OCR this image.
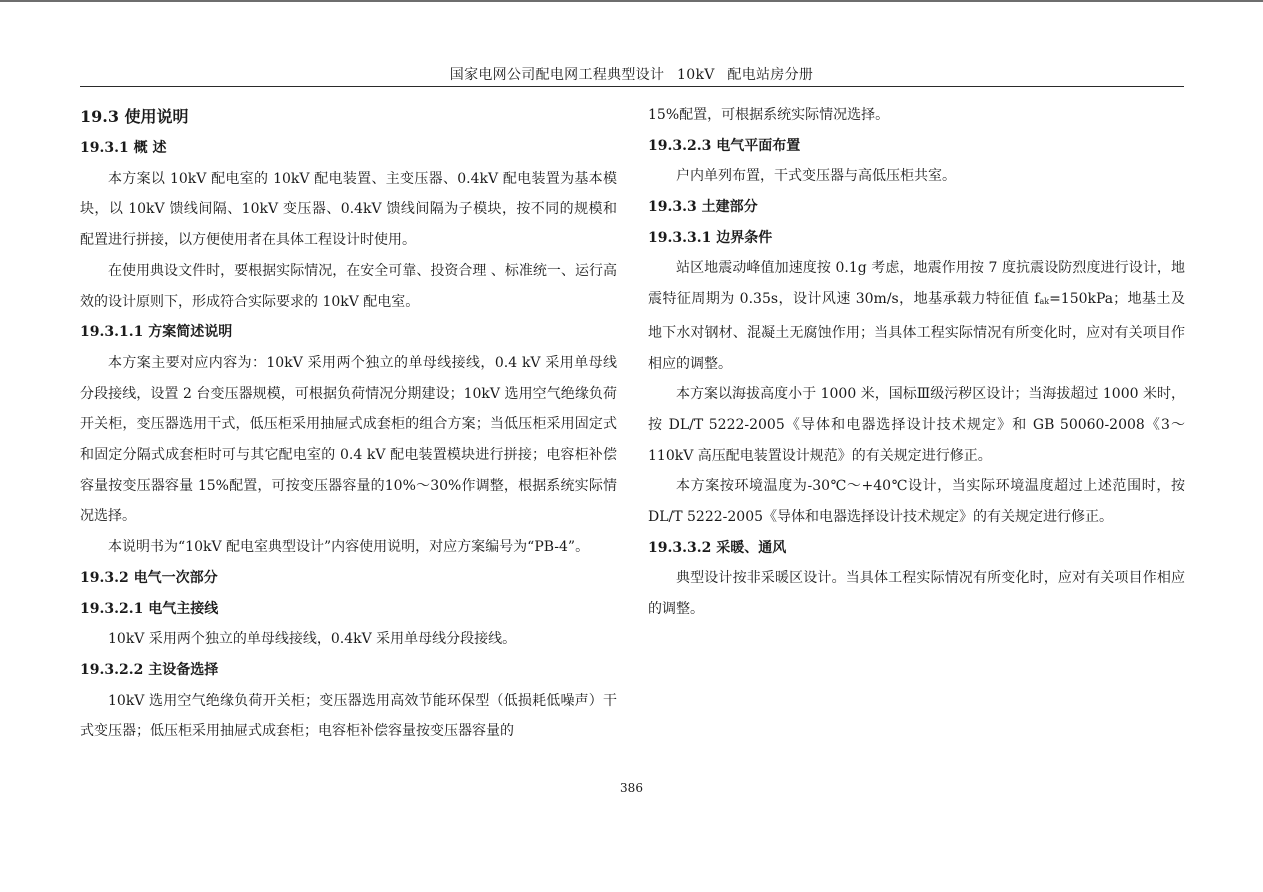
国家电网公司配电网工程典型设计 10kV 配电站房分册
19.3 使用说明
19.3.1 概 述

本方案以 10kV 配电室的 10kV 配电装置、主变压器、0.4kV 配电装置为基本模块，以 10kV 馈线间隔、10kV 变压器、0.4kV 馈线间隔为子模块，按不同的规模和配置进行拼接，以方便使用者在具体工程设计时使用。

在使用典设文件时，要根据实际情况，在安全可靠、投资合理 、标准统一、运行高效的设计原则下，形成符合实际要求的 10kV 配电室。

19.3.1.1 方案简述说明

本方案主要对应内容为：10kV 采用两个独立的单母线接线，0.4 kV 采用单母线分段接线，设置 2 台变压器规模，可根据负荷情况分期建设；10kV 选用空气绝缘负荷开关柜，变压器选用干式，低压柜采用抽屉式成套柜的组合方案；当低压柜采用固定式和固定分隔式成套柜时可与其它配电室的 0.4 kV 配电装置模块进行拼接；电容柜补偿容量按变压器容量 15%配置，可按变压器容量的10%～30%作调整，根据系统实际情况选择。

本说明书为“10kV 配电室典型设计”内容使用说明，对应方案编号为“PB-4”。

19.3.2 电气一次部分
19.3.2.1 电气主接线

10kV 采用两个独立的单母线接线，0.4kV 采用单母线分段接线。

19.3.2.2 主设备选择

10kV 选用空气绝缘负荷开关柜；变压器选用高效节能环保型（低损耗低噪声）干式变压器；低压柜采用抽屉式成套柜；电容柜补偿容量按变压器容量的

15%配置，可根据系统实际情况选择。

19.3.2.3 电气平面布置

户内单列布置，干式变压器与高低压柜共室。

19.3.3 土建部分
19.3.3.1 边界条件

站区地震动峰值加速度按 0.1g 考虑，地震作用按 7 度抗震设防烈度进行设计，地震特征周期为 0.35s，设计风速 30m/s，地基承载力特征值 $f_{ak}=150kPa$；地基土及地下水对钢材、混凝土无腐蚀作用；当具体工程实际情况有所变化时，应对有关项目作相应的调整。

本方案以海拔高度小于 1000 米，国标Ⅲ级污秽区设计；当海拔超过 1000 米时，按 DL/T 5222-2005《导体和电器选择设计技术规定》和 GB 50060-2008《3～110kV 高压配电装置设计规范》的有关规定进行修正。

本方案按环境温度为-30℃～+40℃设计，当实际环境温度超过上述范围时，按 DL/T 5222-2005《导体和电器选择设计技术规定》的有关规定进行修正。

19.3.3.2 采暖、通风

典型设计按非采暖区设计。当具体工程实际情况有所变化时，应对有关项目作相应的调整。

386
